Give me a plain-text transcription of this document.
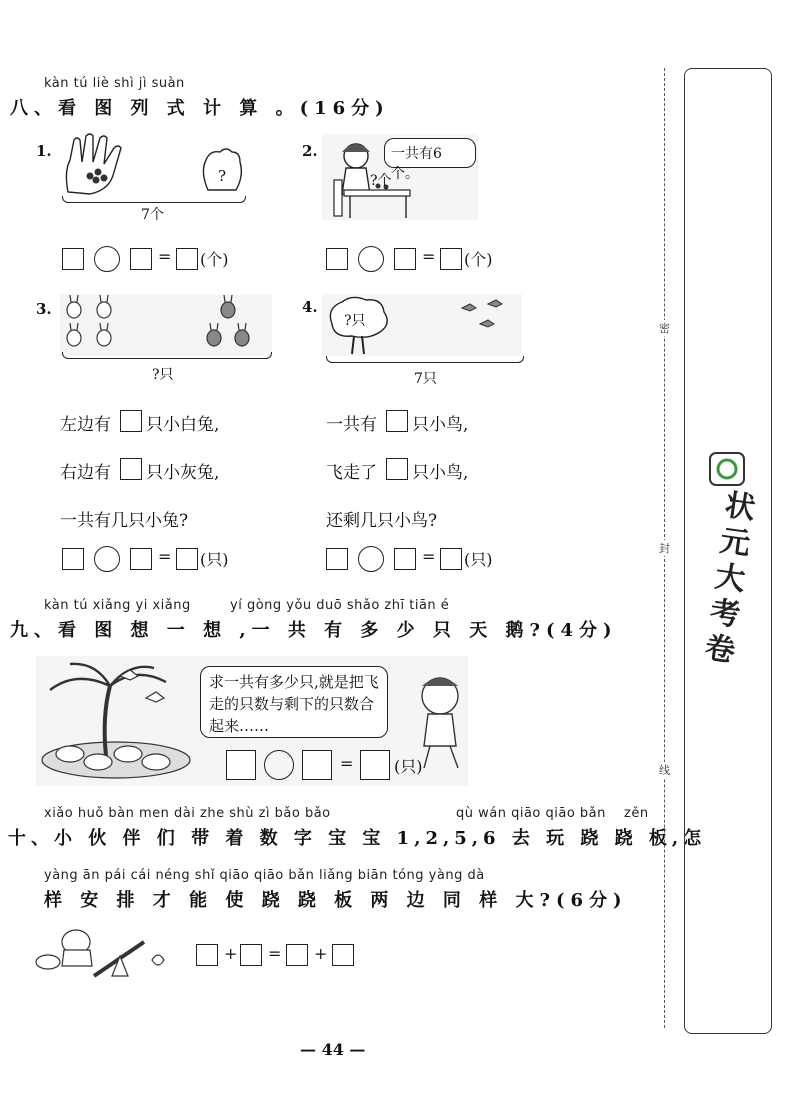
kàn tú liè shì jì suàn
八、看 图 列 式 计 算 。(16分)
1.
?
7个
= (个)
2.	一共有6个。
?个
= (个)
3.
?只
左边有 只小白兔,
右边有 只小灰兔,
一共有几只小兔?
= (只)
4.
?只
7只
一共有 只小鸟,
飞走了 只小鸟,
还剩几只小鸟?
= (只)
kàn tú xiǎng yi xiǎng	yí gòng yǒu duō shǎo zhī tiān é
九、看 图 想 一 想 ,一 共 有 多 少 只 天 鹅?(4分)
求一共有多少只,就是把飞走的只数与剩下的只数合起来……
=	(只)
xiǎo huǒ bàn men dài zhe shù zì bǎo bǎo	qù wán qiāo qiāo bǎn zěn
十、小 伙 伴 们 带 着 数 字 宝 宝 1,2,5,6 去 玩 跷 跷 板,怎
yàng ān pái cái néng shǐ qiāo qiāo bǎn liǎng biān tóng yàng dà
样 安 排 才 能 使 跷 跷 板 两 边 同 样 大?(6分)
+ = +
— 44 —
密
封
线
状元大考卷
